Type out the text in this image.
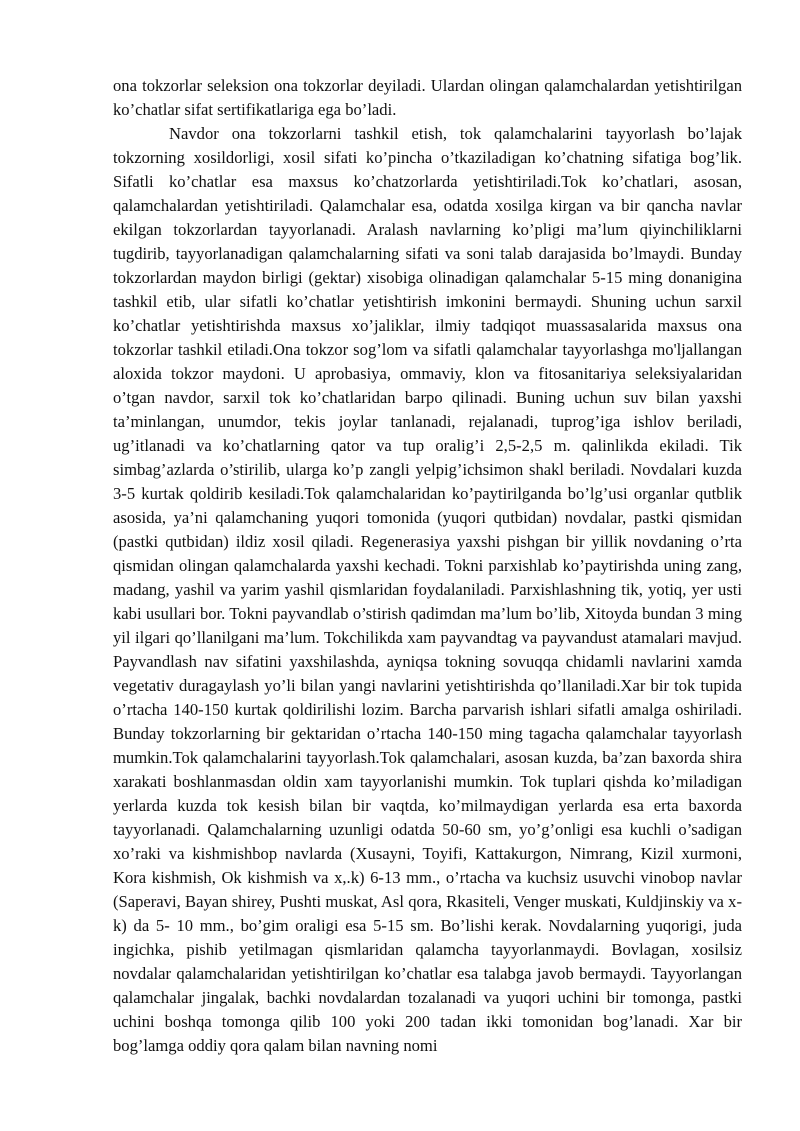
ona tokzorlar seleksion ona tokzorlar deyiladi. Ulardan olingan qalamchalardan yetishtirilgan ko’chatlar sifat sertifikatlariga ega bo’ladi.

Navdor ona tokzorlarni tashkil etish, tok qalamchalarini tayyorlash bo’lajak tokzorning xosildorligi, xosil sifati ko’pincha o’tkaziladigan ko’chatning sifatiga bog’lik. Sifatli ko’chatlar esa maxsus ko’chatzorlarda yetishtiriladi.Tok ko’chatlari, asosan, qalamchalardan yetishtiriladi. Qalamchalar esa, odatda xosilga kirgan va bir qancha navlar ekilgan tokzorlardan tayyorlanadi. Aralash navlarning ko’pligi ma’lum qiyinchiliklarni tugdirib, tayyorlanadigan qalamchalarning sifati va soni talab darajasida bo’lmaydi. Bunday tokzorlardan maydon birligi (gektar) xisobiga olinadigan qalamchalar 5-15 ming donanigina tashkil etib, ular sifatli ko’chatlar yetishtirish imkonini bermaydi. Shuning uchun sarxil ko’chatlar yetishtirishda maxsus xo’jaliklar, ilmiy tadqiqot muassasalarida maxsus ona tokzorlar tashkil etiladi.Ona tokzor sog’lom va sifatli qalamchalar tayyorlashga mo'ljallangan aloxida tokzor maydoni. U aprobasiya, ommaviy, klon va fitosanitariya seleksiyalaridan o’tgan navdor, sarxil tok ko’chatlaridan barpo qilinadi. Buning uchun suv bilan yaxshi ta’minlangan, unumdor, tekis joylar tanlanadi, rejalanadi, tuprog’iga ishlov beriladi, ug’itlanadi va ko’chatlarning qator va tup oralig’i 2,5-2,5 m. qalinlikda ekiladi. Tik simbag’azlarda o’stirilib, ularga ko’p zangli yelpig’ichsimon shakl beriladi. Novdalari kuzda 3-5 kurtak qoldirib kesiladi.Tok qalamchalaridan ko’paytirilganda bo’lg’usi organlar qutblik asosida, ya’ni qalamchaning yuqori tomonida (yuqori qutbidan) novdalar, pastki qismidan (pastki qutbidan) ildiz xosil qiladi. Regenerasiya yaxshi pishgan bir yillik novdaning o’rta qismidan olingan qalamchalarda yaxshi kechadi. Tokni parxishlab ko’paytirishda uning zang, madang, yashil va yarim yashil qismlaridan foydalaniladi. Parxishlashning tik, yotiq, yer usti kabi usullari bor. Tokni payvandlab o’stirish qadimdan ma’lum bo’lib, Xitoyda bundan 3 ming yil ilgari qo’llanilgani ma’lum. Tokchilikda xam payvandtag va payvandust atamalari mavjud. Payvandlash nav sifatini yaxshilashda, ayniqsa tokning sovuqqa chidamli navlarini xamda vegetativ duragaylash yo’li bilan yangi navlarini yetishtirishda qo’llaniladi.Xar bir tok tupida o’rtacha 140-150 kurtak qoldirilishi lozim. Barcha parvarish ishlari sifatli amalga oshiriladi. Bunday tokzorlarning bir gektaridan o’rtacha 140-150 ming tagacha qalamchalar tayyorlash mumkin.Tok qalamchalarini tayyorlash.Tok qalamchalari, asosan kuzda, ba’zan baxorda shira xarakati boshlanmasdan oldin xam tayyorlanishi mumkin. Tok tuplari qishda ko’miladigan yerlarda kuzda tok kesish bilan bir vaqtda, ko’milmaydigan yerlarda esa erta baxorda tayyorlanadi. Qalamchalarning uzunligi odatda 50-60 sm, yo’g’onligi esa kuchli o’sadigan xo’raki va kishmishbop navlarda (Xusayni, Toyifi, Kattakurgon, Nimrang, Kizil xurmoni, Kora kishmish, Ok kishmish va x,.k) 6-13 mm., o’rtacha va kuchsiz usuvchi vinobop navlar (Saperavi, Bayan shirey, Pushti muskat, Asl qora, Rkasiteli, Venger muskati, Kuldjinskiy va x-k) da 5- 10 mm., bo’gim oraligi esa 5-15 sm. Bo’lishi kerak. Novdalarning yuqorigi, juda ingichka, pishib yetilmagan qismlaridan qalamcha tayyorlanmaydi. Bovlagan, xosilsiz novdalar qalamchalaridan yetishtirilgan ko’chatlar esa talabga javob bermaydi. Tayyorlangan qalamchalar jingalak, bachki novdalardan tozalanadi va yuqori uchini bir tomonga, pastki uchini boshqa tomonga qilib 100 yoki 200 tadan ikki tomonidan bog’lanadi. Xar bir bog’lamga oddiy qora qalam bilan navning nomi
